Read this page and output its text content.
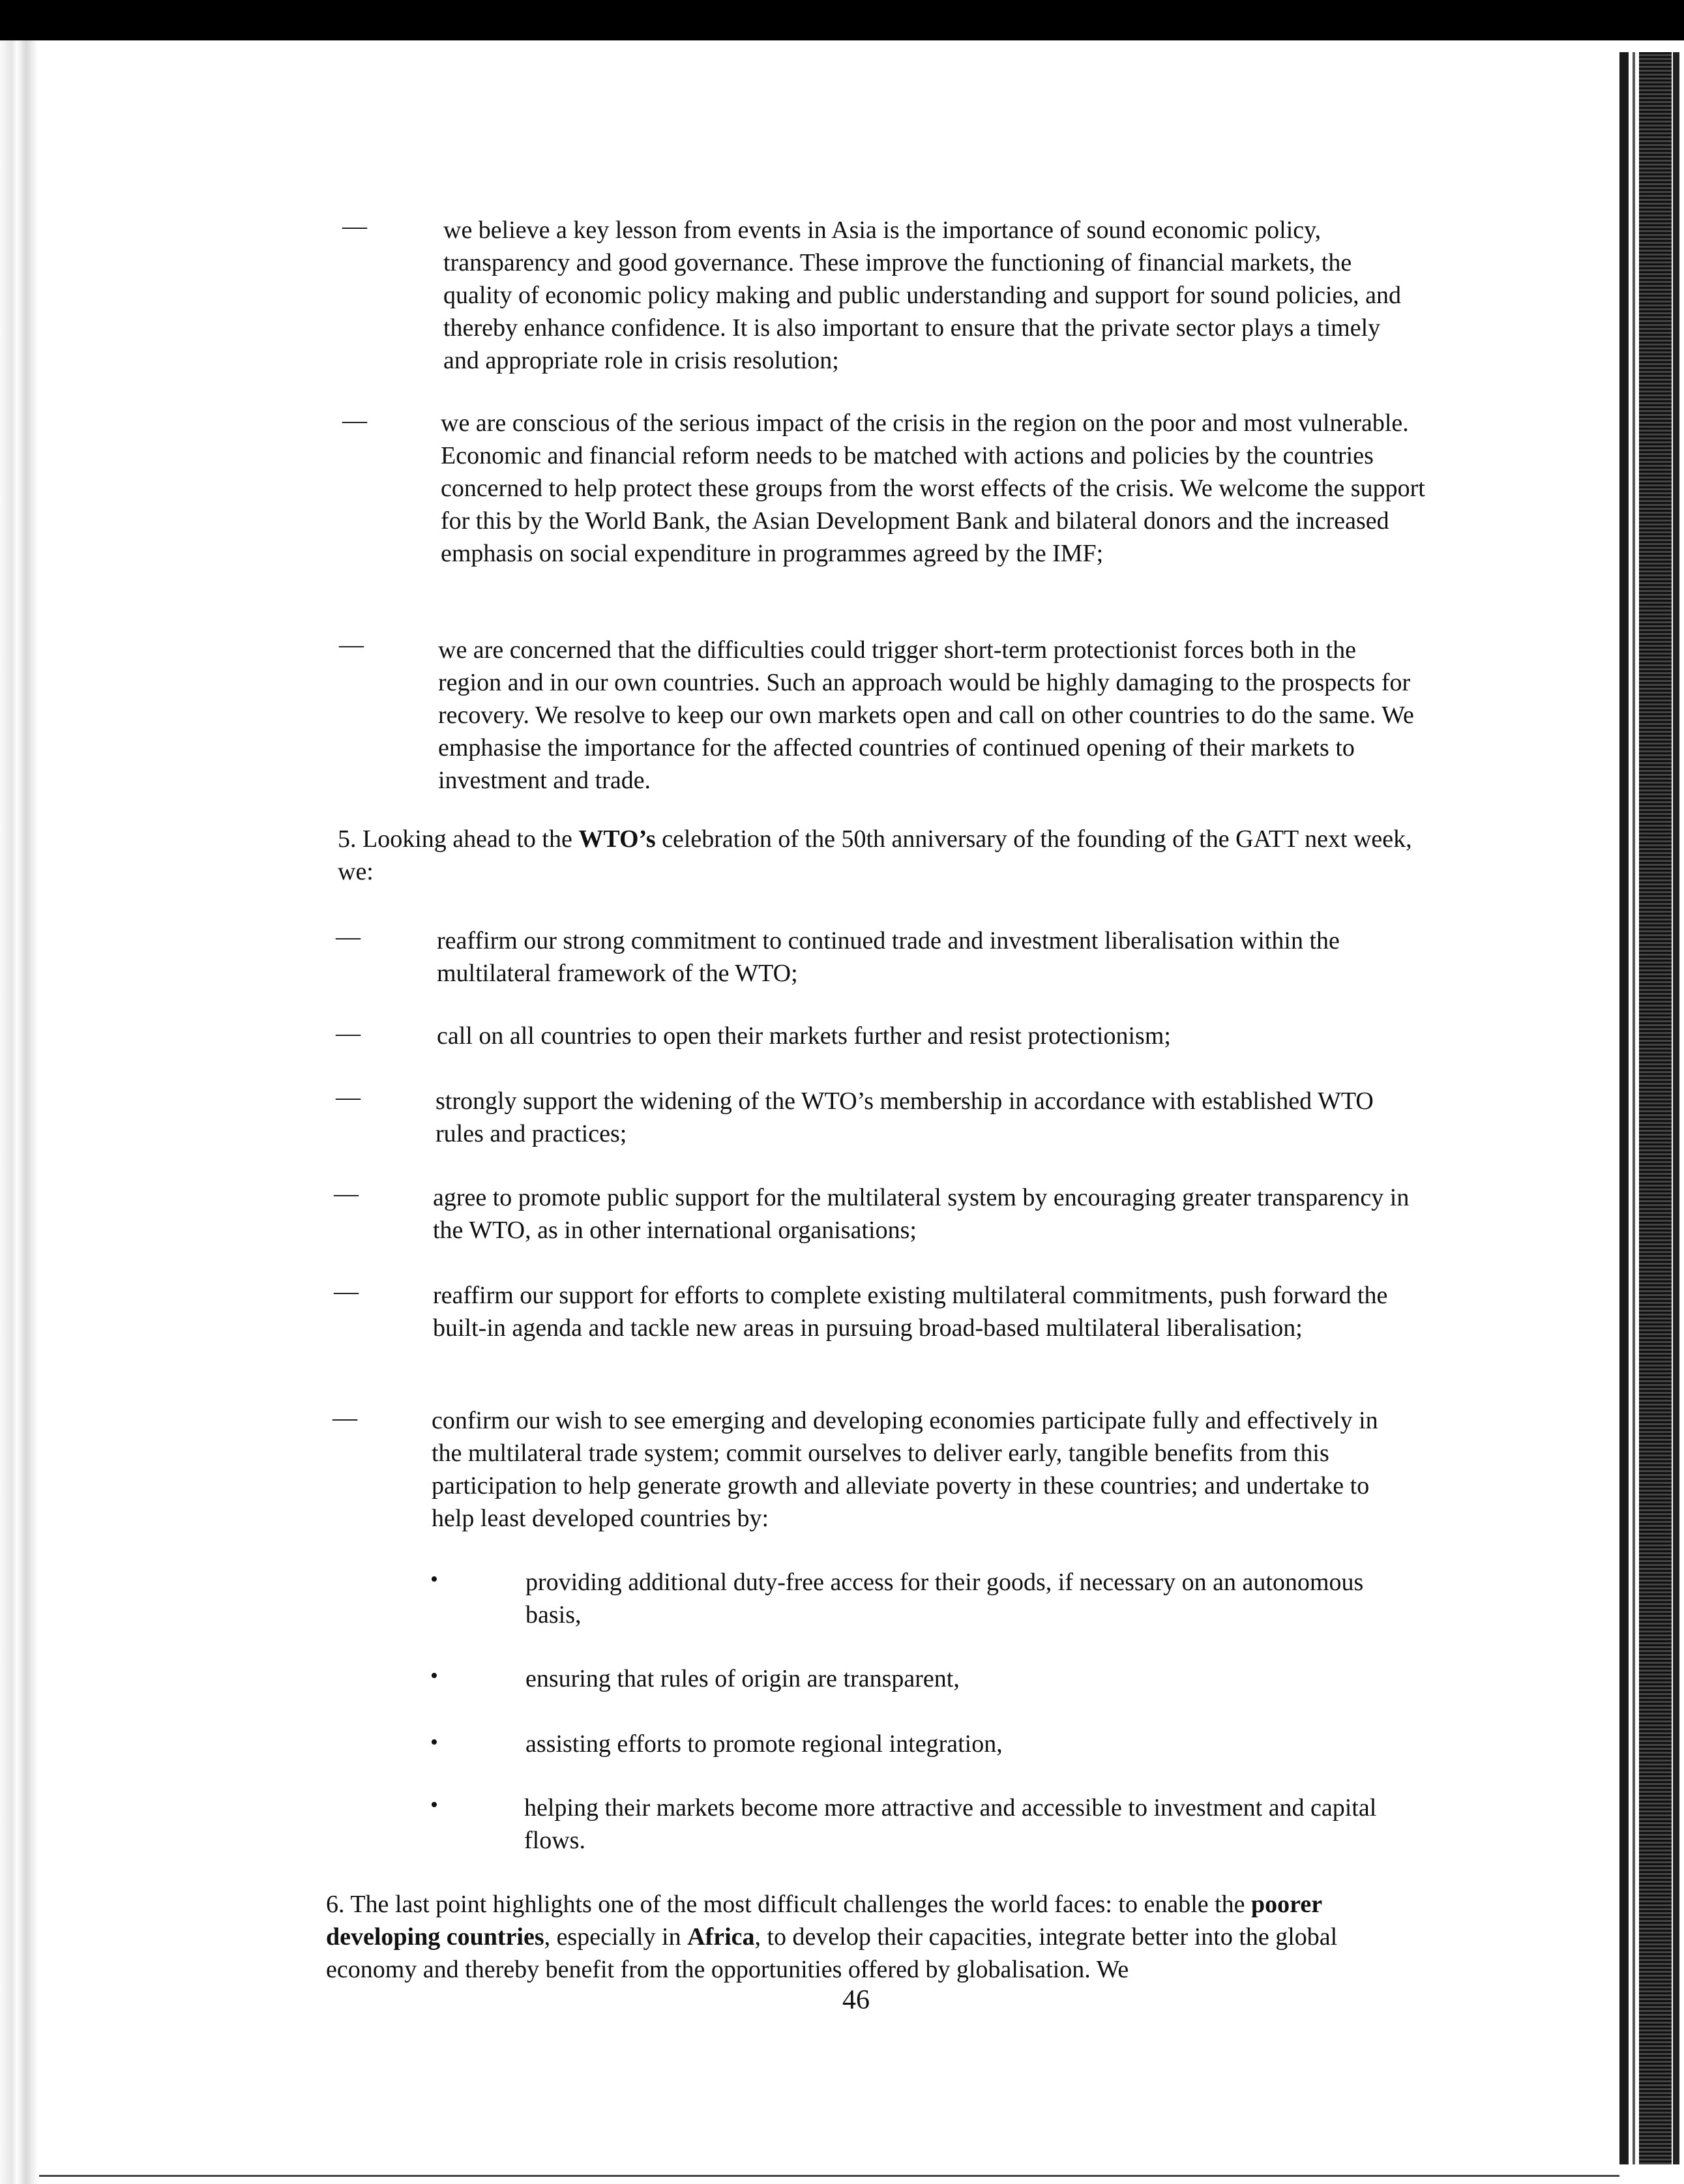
—	we believe a key lesson from events in Asia is the importance of sound economic policy, transparency and good governance. These improve the functioning of financial markets, the quality of economic policy making and public understanding and support for sound policies, and thereby enhance confidence. It is also important to ensure that the private sector plays a timely and appropriate role in crisis resolution;
—	we are conscious of the serious impact of the crisis in the region on the poor and most vulnerable. Economic and financial reform needs to be matched with actions and policies by the countries concerned to help protect these groups from the worst effects of the crisis. We welcome the support for this by the World Bank, the Asian Development Bank and bilateral donors and the increased emphasis on social expenditure in programmes agreed by the IMF;
—	we are concerned that the difficulties could trigger short-term protectionist forces both in the region and in our own countries. Such an approach would be highly damaging to the prospects for recovery. We resolve to keep our own markets open and call on other countries to do the same. We emphasise the importance for the affected countries of continued opening of their markets to investment and trade.
5. Looking ahead to the WTO’s celebration of the 50th anniversary of the founding of the GATT next week, we:
—	reaffirm our strong commitment to continued trade and investment liberalisation within the multilateral framework of the WTO;
—	call on all countries to open their markets further and resist protectionism;
—	strongly support the widening of the WTO’s membership in accordance with established WTO rules and practices;
—	agree to promote public support for the multilateral system by encouraging greater transparency in the WTO, as in other international organisations;
—	reaffirm our support for efforts to complete existing multilateral commitments, push forward the built-in agenda and tackle new areas in pursuing broad-based multilateral liberalisation;
—	confirm our wish to see emerging and developing economies participate fully and effectively in the multilateral trade system; commit ourselves to deliver early, tangible benefits from this participation to help generate growth and alleviate poverty in these countries; and undertake to help least developed countries by:
•	providing additional duty-free access for their goods, if necessary on an autonomous basis,
•	ensuring that rules of origin are transparent,
•	assisting efforts to promote regional integration,
•	helping their markets become more attractive and accessible to investment and capital flows.
6. The last point highlights one of the most difficult challenges the world faces: to enable the poorer developing countries, especially in Africa, to develop their capacities, integrate better into the global economy and thereby benefit from the opportunities offered by globalisation. We
46
